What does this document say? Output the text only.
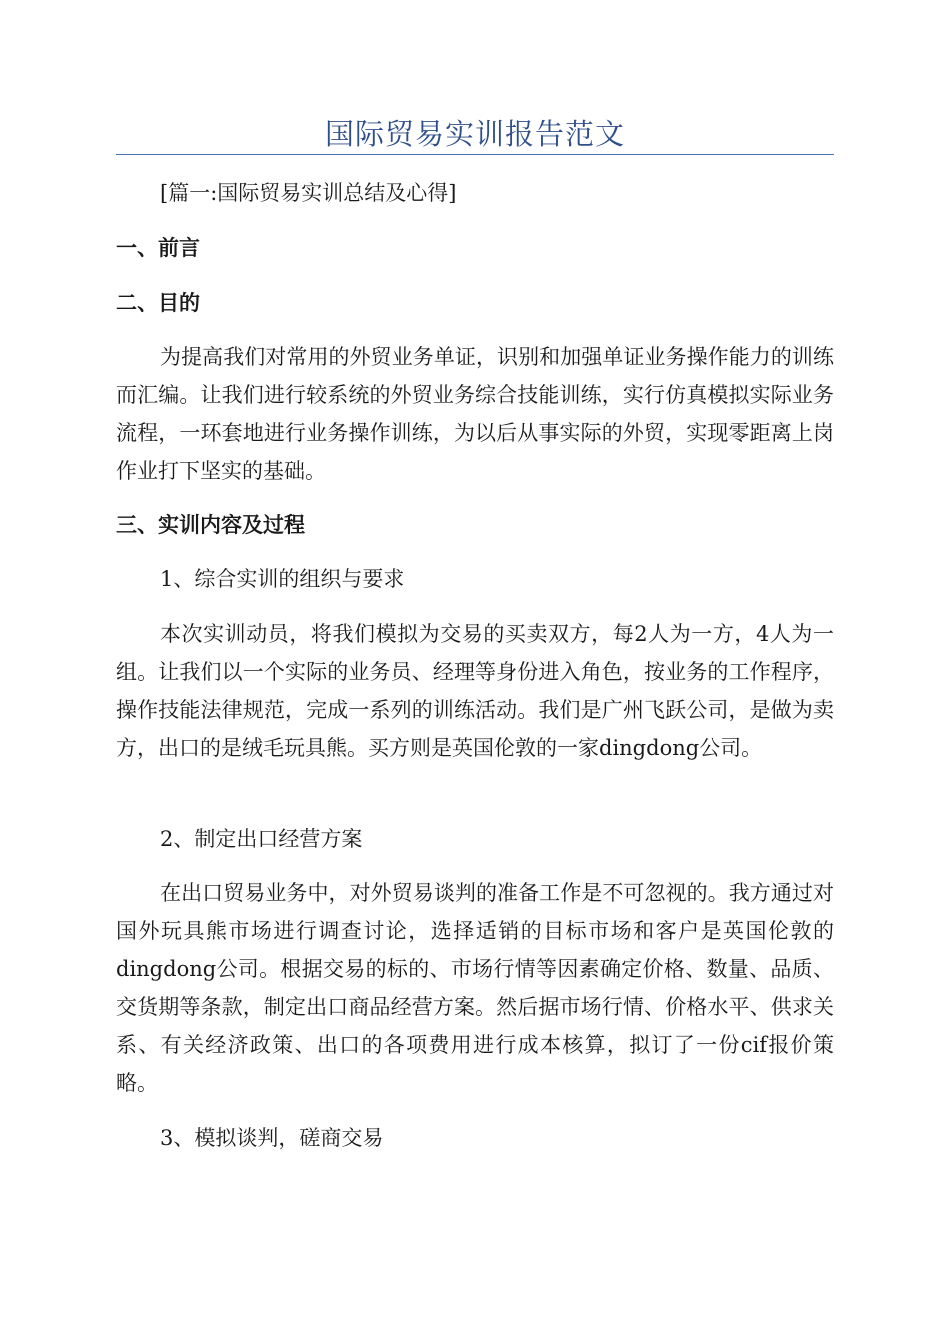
国际贸易实训报告范文

[篇一:国际贸易实训总结及心得]

一、前言

二、目的

为提高我们对常用的外贸业务单证，识别和加强单证业务操作能力的训练而汇编。让我们进行较系统的外贸业务综合技能训练，实行仿真模拟实际业务流程，一环套地进行业务操作训练，为以后从事实际的外贸，实现零距离上岗作业打下坚实的基础。

三、实训内容及过程

1、综合实训的组织与要求

本次实训动员，将我们模拟为交易的买卖双方，每2人为一方，4人为一组。让我们以一个实际的业务员、经理等身份进入角色，按业务的工作程序，操作技能法律规范，完成一系列的训练活动。我们是广州飞跃公司，是做为卖方，出口的是绒毛玩具熊。买方则是英国伦敦的一家dingdong公司。

2、制定出口经营方案

在出口贸易业务中，对外贸易谈判的准备工作是不可忽视的。我方通过对国外玩具熊市场进行调查讨论，选择适销的目标市场和客户是英国伦敦的dingdong公司。根据交易的标的、市场行情等因素确定价格、数量、品质、交货期等条款，制定出口商品经营方案。然后据市场行情、价格水平、供求关系、有关经济政策、出口的各项费用进行成本核算，拟订了一份cif报价策略。

3、模拟谈判，磋商交易
